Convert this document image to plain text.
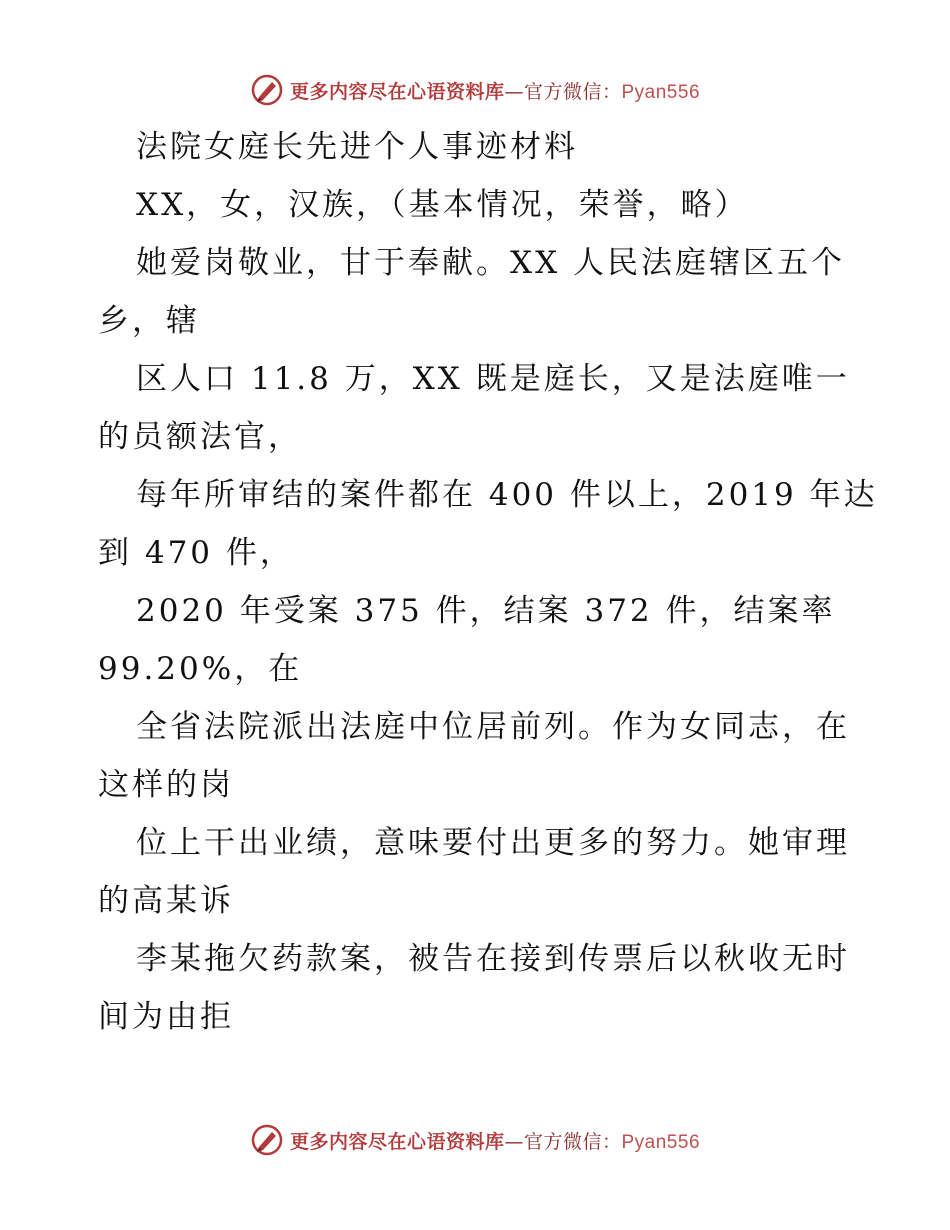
更多内容尽在心语资料库—官方微信：Pyan556
法院女庭长先进个人事迹材料
XX，女，汉族，（基本情况，荣誉，略）
她爱岗敬业，甘于奉献。XX 人民法庭辖区五个
乡，辖
区人口 11.8 万，XX 既是庭长，又是法庭唯一
的员额法官，
每年所审结的案件都在 400 件以上，2019 年达
到 470 件，
2020 年受案 375 件，结案 372 件，结案率
99.20%，在
全省法院派出法庭中位居前列。作为女同志，在
这样的岗
位上干出业绩，意味要付出更多的努力。她审理
的高某诉
李某拖欠药款案，被告在接到传票后以秋收无时
间为由拒
更多内容尽在心语资料库—官方微信：Pyan556
